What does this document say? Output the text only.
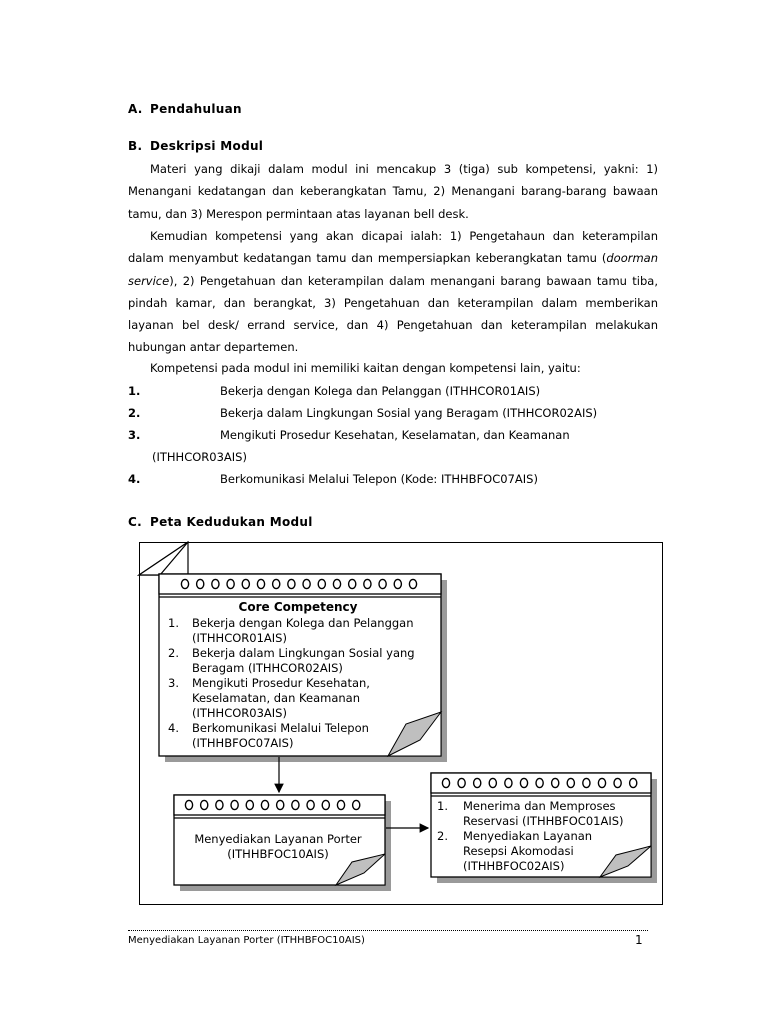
A. Pendahuluan
B. Deskripsi Modul
Materi yang dikaji dalam modul ini mencakup 3 (tiga) sub kompetensi, yakni: 1) Menangani kedatangan dan keberangkatan Tamu, 2) Menangani barang-barang bawaan tamu, dan 3) Merespon permintaan atas layanan bell desk.
Kemudian kompetensi yang akan dicapai ialah: 1) Pengetahaun dan keterampilan dalam menyambut kedatangan tamu dan mempersiapkan keberangkatan tamu (doorman service), 2) Pengetahuan dan keterampilan dalam menangani barang bawaan tamu tiba, pindah kamar, dan berangkat, 3) Pengetahuan dan keterampilan dalam memberikan layanan bel desk/ errand service, dan 4) Pengetahuan dan keterampilan melakukan hubungan antar departemen.
Kompetensi pada modul ini memiliki kaitan dengan kompetensi lain, yaitu:
1.	Bekerja dengan Kolega dan Pelanggan (ITHHCOR01AIS)
2.	Bekerja dalam Lingkungan Sosial yang Beragam (ITHHCOR02AIS)
3.	Mengikuti Prosedur Kesehatan, Keselamatan, dan Keamanan
(ITHHCOR03AIS)
4.	Berkomunikasi Melalui Telepon (Kode: ITHHBFOC07AIS)
C. Peta Kedudukan Modul
Core Competency
1. Bekerja dengan Kolega dan Pelanggan
(ITHHCOR01AIS)
2. Bekerja dalam Lingkungan Sosial yang
Beragam (ITHHCOR02AIS)
3. Mengikuti Prosedur Kesehatan,
Keselamatan, dan Keamanan
(ITHHCOR03AIS)
4. Berkomunikasi Melalui Telepon
(ITHHBFOC07AIS)
Menyediakan Layanan Porter
(ITHHBFOC10AIS)
1. Menerima dan Memproses
Reservasi (ITHHBFOC01AIS)
2. Menyediakan Layanan
Resepsi Akomodasi
(ITHHBFOC02AIS)
Menyediakan Layanan Porter (ITHHBFOC10AIS)	1
